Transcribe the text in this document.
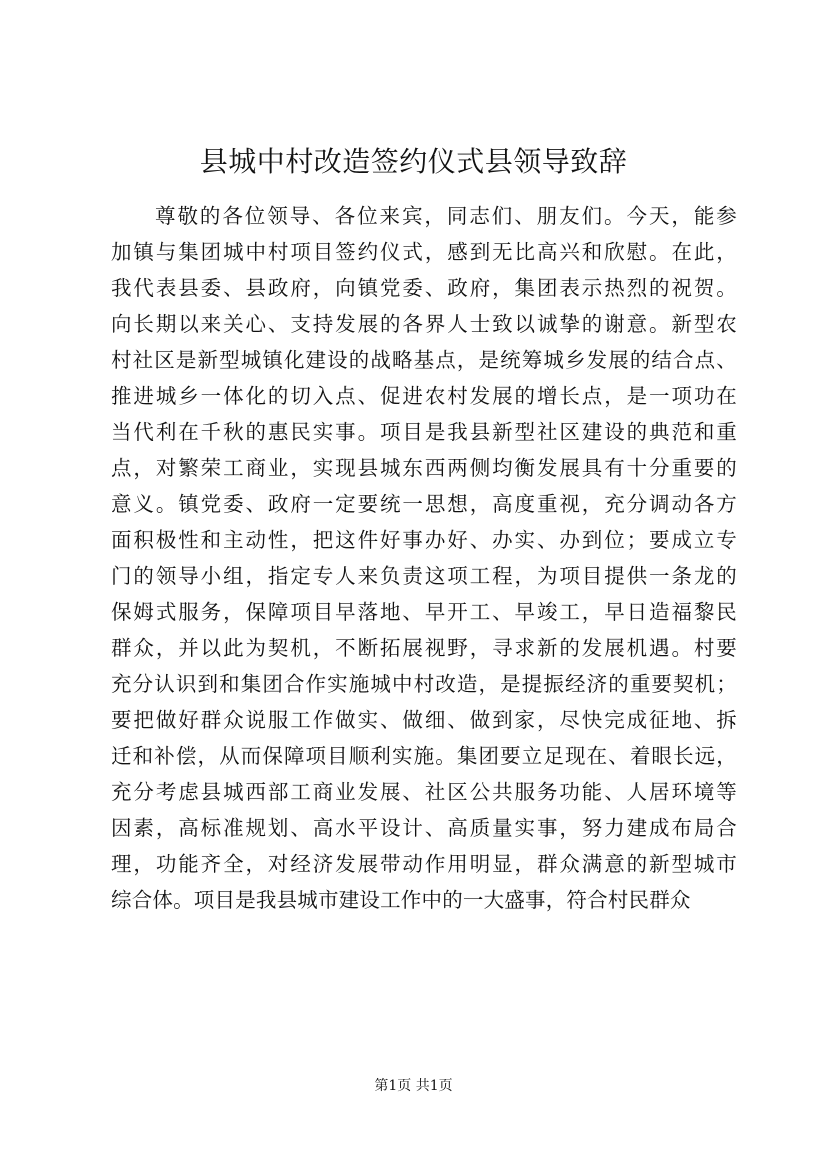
县城中村改造签约仪式县领导致辞
尊敬的各位领导、各位来宾，同志们、朋友们。今天，能参
加镇与集团城中村项目签约仪式，感到无比高兴和欣慰。在此，
我代表县委、县政府，向镇党委、政府，集团表示热烈的祝贺。
向长期以来关心、支持发展的各界人士致以诚挚的谢意。新型农
村社区是新型城镇化建设的战略基点，是统筹城乡发展的结合点、
推进城乡一体化的切入点、促进农村发展的增长点，是一项功在
当代利在千秋的惠民实事。项目是我县新型社区建设的典范和重
点，对繁荣工商业，实现县城东西两侧均衡发展具有十分重要的
意义。镇党委、政府一定要统一思想，高度重视，充分调动各方
面积极性和主动性，把这件好事办好、办实、办到位；要成立专
门的领导小组，指定专人来负责这项工程，为项目提供一条龙的
保姆式服务，保障项目早落地、早开工、早竣工，早日造福黎民
群众，并以此为契机，不断拓展视野，寻求新的发展机遇。村要
充分认识到和集团合作实施城中村改造，是提振经济的重要契机；
要把做好群众说服工作做实、做细、做到家，尽快完成征地、拆
迁和补偿，从而保障项目顺利实施。集团要立足现在、着眼长远，
充分考虑县城西部工商业发展、社区公共服务功能、人居环境等
因素，高标准规划、高水平设计、高质量实事，努力建成布局合
理，功能齐全，对经济发展带动作用明显，群众满意的新型城市
综合体。项目是我县城市建设工作中的一大盛事，符合村民群众
第1页 共1页
